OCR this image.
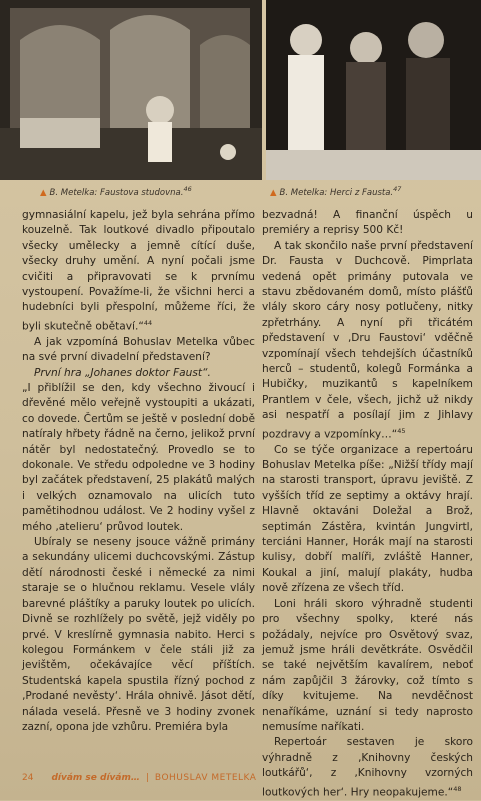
▲ B. Metelka: Faustova studovna.$^{46}$	▲ B. Metelka: Herci z Fausta.$^{47}$

gymnasiální kapelu, jež byla sehrána přímo kouzelně. Tak loutkové divadlo připoutalo všecky umělecky a jemně cítící duše, všecky druhy umění. A nyní počali jsme cvičiti a připravovati se k prvnímu vystoupení. Považíme-li, že všichni herci a hudebníci byli přespolní, můžeme říci, že byli skutečně obětaví.“$^{44}$

A jak vzpomíná Bohuslav Metelka vůbec na své první divadelní představení?

První hra „Johanes doktor Faust“.

„I přiblížil se den, kdy všechno živoucí i dřevěné mělo veřejně vystoupiti a ukázati, co dovede. Čertům se ještě v poslední době natíraly hřbety řádně na černo, jelikož první nátěr byl nedostatečný. Provedlo se to dokonale. Ve středu odpoledne ve 3 hodiny byl začátek představení, 25 plakátů malých i velkých oznamovalo na ulicích tuto pamětihodnou událost. Ve 2 hodiny vyšel z mého ‚atelieru‘ průvod loutek.

Ubíraly se neseny jsouce vážně primány a sekundány ulicemi duchcovskými. Zástup dětí národnosti české i německé za nimi staraje se o hlučnou reklamu. Vesele vlály barevné pláštíky a paruky loutek po ulicích. Divně se rozhlížely po světě, jejž viděly po prvé. V kreslírně gymnasia nabito. Herci s kolegou Formánkem v čele stáli již za jevištěm, očekávajíce věcí příštích. Studentská kapela spustila řízný pochod z ‚Prodané nevěsty‘. Hrála ohnivě. Jásot dětí, nálada veselá. Přesně ve 3 hodiny zvonek zazní, opona jde vzhůru. Premiéra byla

bezvadná! A finanční úspěch u premiéry a reprisy 500 Kč!

A tak skončilo naše první představení Dr. Fausta v Duchcově. Pimprlata vedená opět primány putovala ve stavu zbědovaném domů, místo plášťů vlály skoro cáry nosy potlučeny, nitky zpřetrhány. A nyní při třicátém představení v ‚Dru Faustovi‘ vděčně vzpomínají všech tehdejších účastníků herců – studentů, kolegů Formánka a Hubičky, muzikantů s kapelníkem Prantlem v čele, všech, jichž už nikdy asi nespatří a posílají jim z Jihlavy pozdravy a vzpomínky…“$^{45}$

Co se týče organizace a repertoáru Bohuslav Metelka píše: „Nižší třídy mají na starosti transport, úpravu jeviště. Z vyšších tříd ze septimy a oktávy hrají. Hlavně oktaváni Doležal a Brož, septimán Zástěra, kvintán Jungvirtl, terciáni Hanner, Horák mají na starosti kulisy, dobří malíři, zvláště Hanner, Koukal a jiní, malují plakáty, hudba nově zřízena ze všech tříd.

Loni hráli skoro výhradně studenti pro všechny spolky, které nás požádaly, nejvíce pro Osvětový svaz, jemuž jsme hráli devětkráte. Osvědčil se také největším kavalírem, neboť nám zapůjčil 3 žárovky, což tímto s díky kvitujeme. Na nevděčnost nenaříkáme, uznání si tedy naprosto nemusíme naříkati.

Repertoár sestaven je skoro výhradně z ‚Knihovny českých loutkářů‘, z ‚Knihovny vzorných loutkových her‘. Hry neopakujeme.“$^{48}$

24 dívám se dívám… | BOHUSLAV METELKA
